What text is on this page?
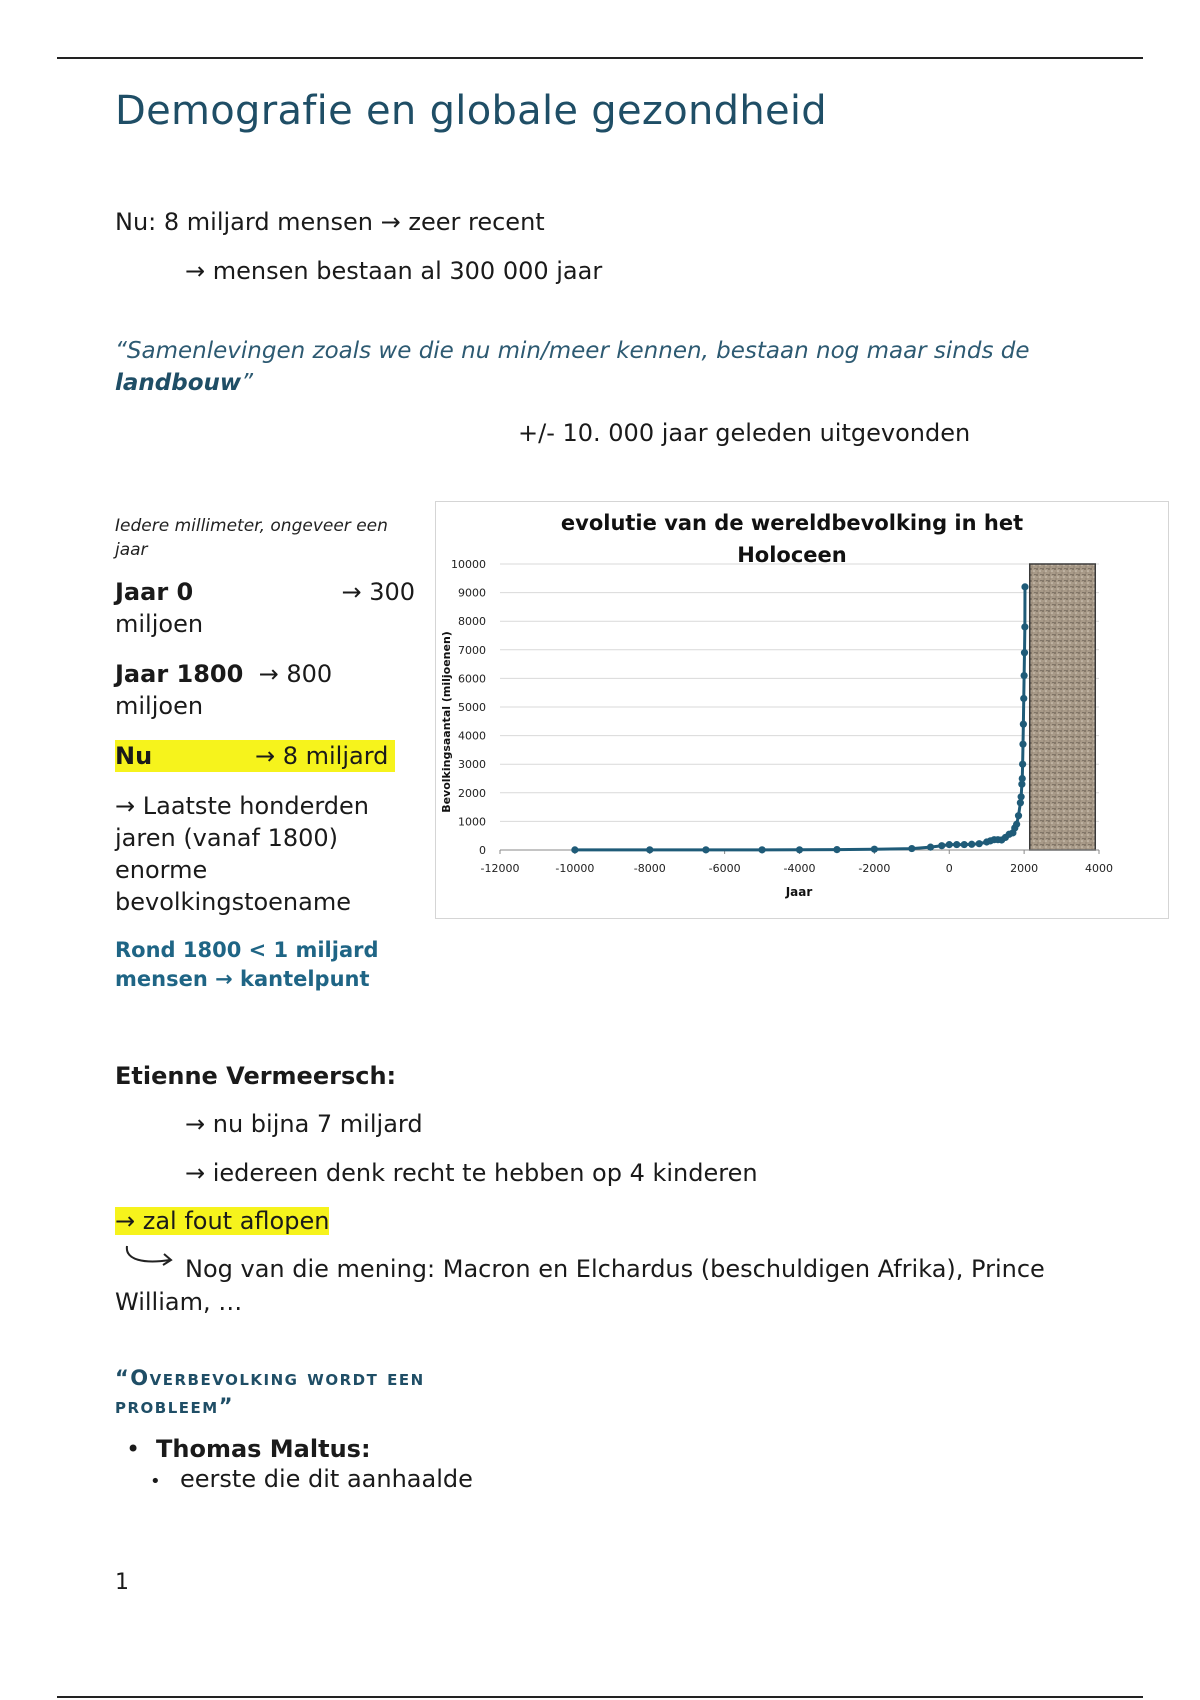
Demografie en globale gezondheid
Nu: 8 miljard mensen → zeer recent
→ mensen bestaan al 300 000 jaar
“Samenlevingen zoals we die nu min/meer kennen, bestaan nog maar sinds de landbouw”
+/- 10. 000 jaar geleden uitgevonden
Iedere millimeter, ongeveer een jaar
Jaar 0	→ 300
miljoen
Jaar 1800 → 800
miljoen
Nu	→ 8 miljard
→ Laatste honderden jaren (vanaf 1800) enorme bevolkingstoename
Rond 1800 < 1 miljard mensen → kantelpunt
evolutie van de wereldbevolking in het
Holoceen
0
1000
2000
3000
4000
5000
6000
7000
8000
9000
10000
-12000	-10000	-8000	-6000	-4000	-2000	0	2000	4000
Jaar
Bevolkingsaantal (miljoenen)
Etienne Vermeersch:
→ nu bijna 7 miljard
→ iedereen denk recht te hebben op 4 kinderen
→ zal fout aflopen
Nog van die mening: Macron en Elchardus (beschuldigen Afrika), Prince
William, …
“Overbevolking wordt een
probleem”
• Thomas Maltus:
• eerste die dit aanhaalde
1
